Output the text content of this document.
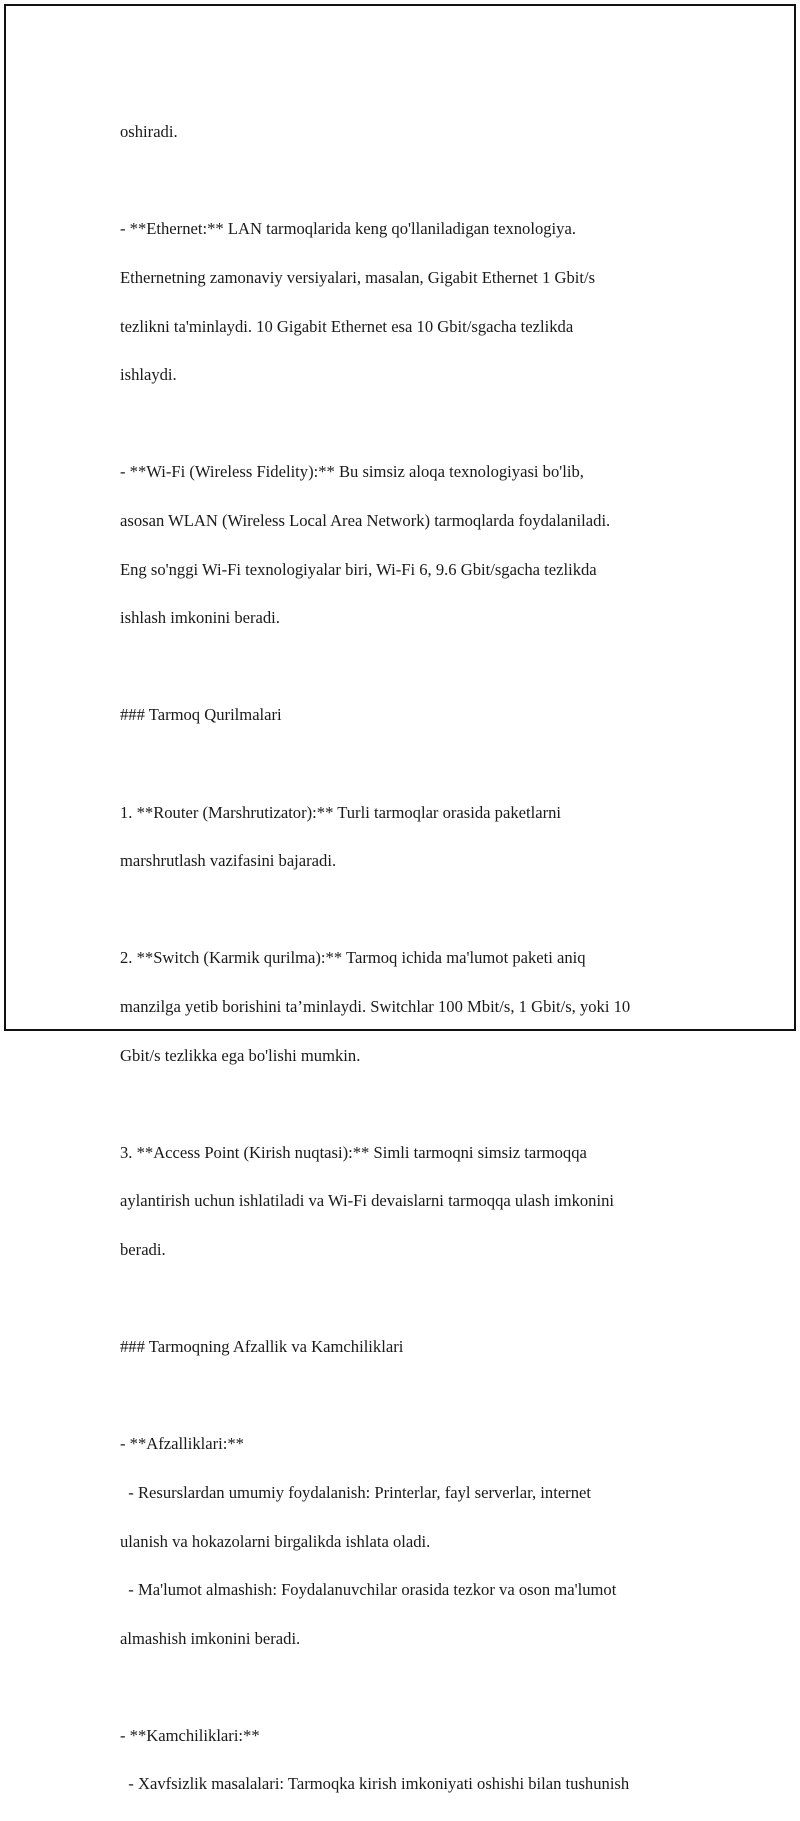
oshiradi.

- **Ethernet:** LAN tarmoqlarida keng qo'llaniladigan texnologiya.

Ethernetning zamonaviy versiyalari, masalan, Gigabit Ethernet 1 Gbit/s

tezlikni ta'minlaydi. 10 Gigabit Ethernet esa 10 Gbit/sgacha tezlikda

ishlaydi.

- **Wi-Fi (Wireless Fidelity):** Bu simsiz aloqa texnologiyasi bo'lib,

asosan WLAN (Wireless Local Area Network) tarmoqlarda foydalaniladi.

Eng so'nggi Wi-Fi texnologiyalar biri, Wi-Fi 6, 9.6 Gbit/sgacha tezlikda

ishlash imkonini beradi.

### Tarmoq Qurilmalari

1. **Router (Marshrutizator):** Turli tarmoqlar orasida paketlarni

marshrutlash vazifasini bajaradi.

2. **Switch (Karmik qurilma):** Tarmoq ichida ma'lumot paketi aniq

manzilga yetib borishini ta’minlaydi. Switchlar 100 Mbit/s, 1 Gbit/s, yoki 10

Gbit/s tezlikka ega bo'lishi mumkin.

3. **Access Point (Kirish nuqtasi):** Simli tarmoqni simsiz tarmoqqa

aylantirish uchun ishlatiladi va Wi-Fi devaislarni tarmoqqa ulash imkonini

beradi.

### Tarmoqning Afzallik va Kamchiliklari

- **Afzalliklari:**

- Resurslardan umumiy foydalanish: Printerlar, fayl serverlar, internet

ulanish va hokazolarni birgalikda ishlata oladi.

- Ma'lumot almashish: Foydalanuvchilar orasida tezkor va oson ma'lumot

almashish imkonini beradi.

- **Kamchiliklari:**

- Xavfsizlik masalalari: Tarmoqka kirish imkoniyati oshishi bilan tushunish
